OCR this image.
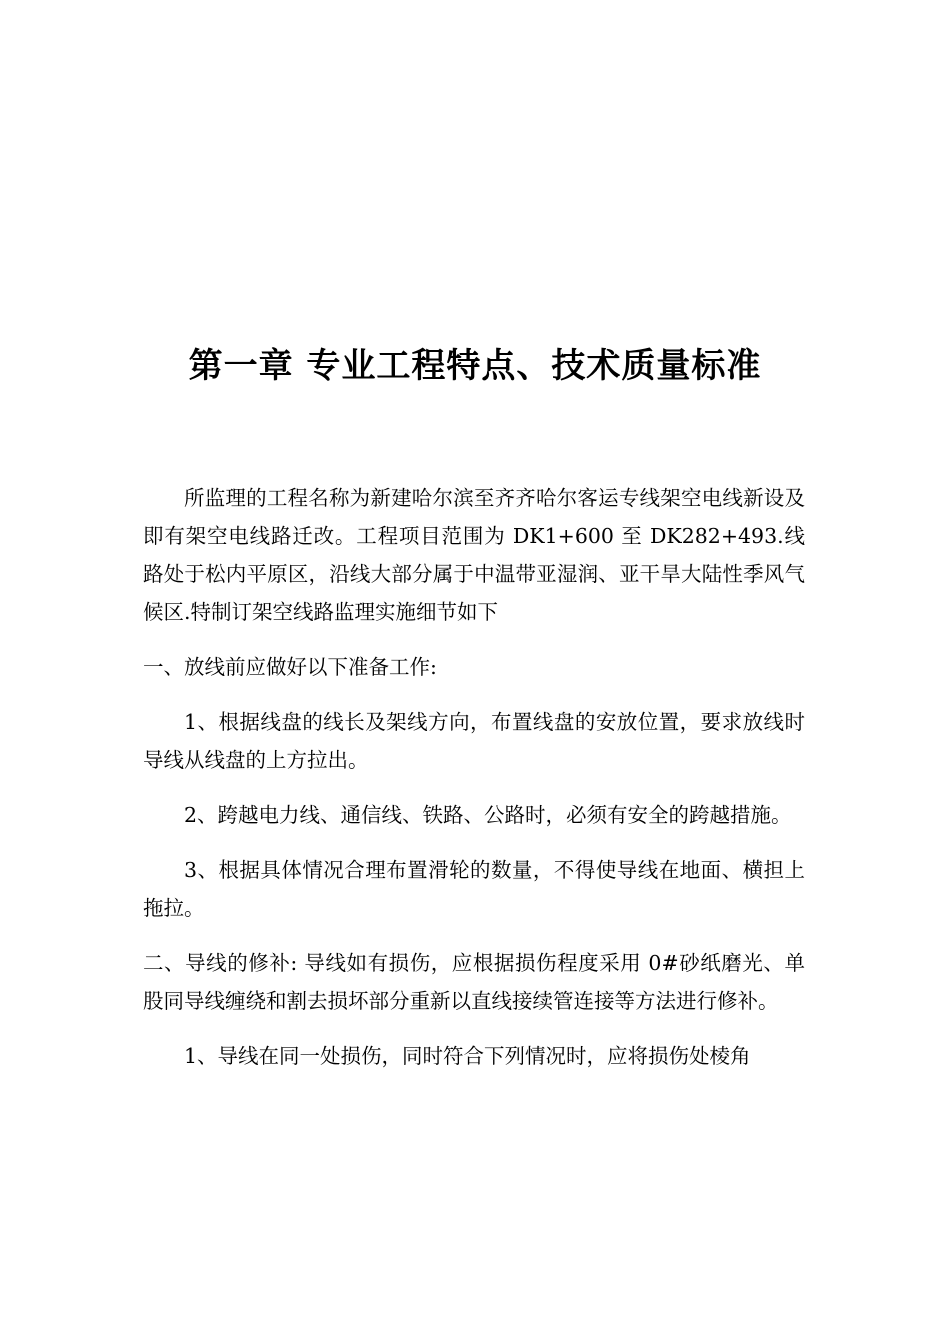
第一章 专业工程特点、技术质量标准

所监理的工程名称为新建哈尔滨至齐齐哈尔客运专线架空电线新设及即有架空电线路迁改。工程项目范围为 DK1+600 至 DK282+493.线路处于松内平原区，沿线大部分属于中温带亚湿润、亚干旱大陆性季风气候区.特制订架空线路监理实施细节如下

一、放线前应做好以下准备工作:

1、根据线盘的线长及架线方向，布置线盘的安放位置，要求放线时导线从线盘的上方拉出。

2、跨越电力线、通信线、铁路、公路时，必须有安全的跨越措施。

3、根据具体情况合理布置滑轮的数量，不得使导线在地面、横担上拖拉。

二、导线的修补: 导线如有损伤，应根据损伤程度采用 0#砂纸磨光、单股同导线缠绕和割去损坏部分重新以直线接续管连接等方法进行修补。

1、导线在同一处损伤，同时符合下列情况时，应将损伤处棱角
